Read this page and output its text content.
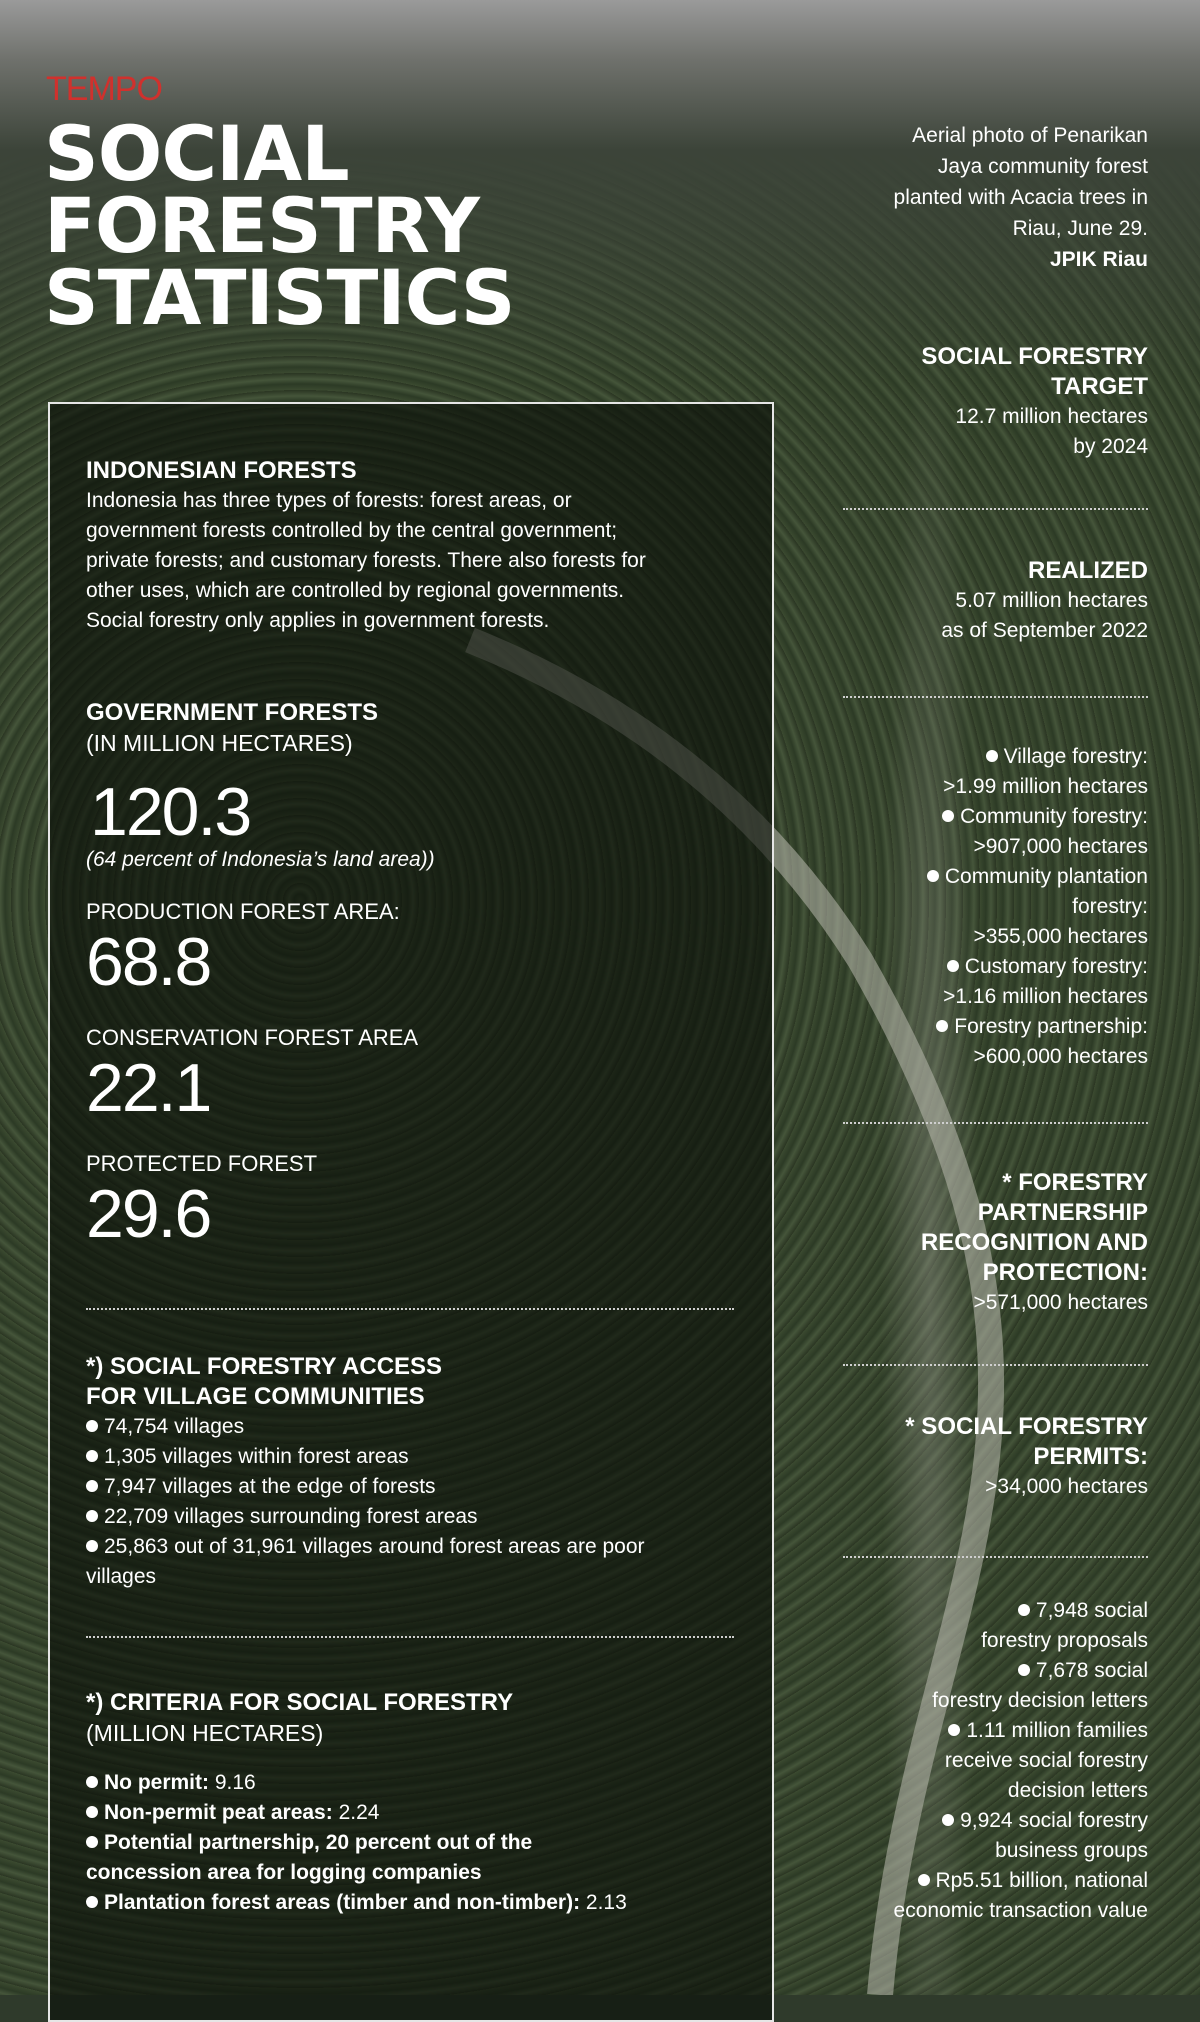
TEMPO
SOCIAL
FORESTRY
STATISTICS
Aerial photo of Penarikan
Jaya community forest
planted with Acacia trees in
Riau, June 29.
JPIK Riau
INDONESIAN FORESTS
Indonesia has three types of forests: forest areas, or
government forests controlled by the central government;
private forests; and customary forests. There also forests for
other uses, which are controlled by regional governments.
Social forestry only applies in government forests.
GOVERNMENT FORESTS
(IN MILLION HECTARES)
120.3
(64 percent of Indonesia’s land area))
PRODUCTION FOREST AREA:
68.8
CONSERVATION FOREST AREA
22.1
PROTECTED FOREST
29.6
*) SOCIAL FORESTRY ACCESS
FOR VILLAGE COMMUNITIES
74,754 villages
1,305 villages within forest areas
7,947 villages at the edge of forests
22,709 villages surrounding forest areas
25,863 out of 31,961 villages around forest areas are poor
villages
*) CRITERIA FOR SOCIAL FORESTRY
(MILLION HECTARES)
No permit: 9.16
Non-permit peat areas: 2.24
Potential partnership, 20 percent out of the
concession area for logging companies
Plantation forest areas (timber and non-timber): 2.13
SOCIAL FORESTRY
TARGET
12.7 million hectares
by 2024
REALIZED
5.07 million hectares
as of September 2022
Village forestry:
>1.99 million hectares
Community forestry:
>907,000 hectares
Community plantation
forestry:
>355,000 hectares
Customary forestry:
>1.16 million hectares
Forestry partnership:
>600,000 hectares
* FORESTRY
PARTNERSHIP
RECOGNITION AND
PROTECTION:
>571,000 hectares
* SOCIAL FORESTRY
PERMITS:
>34,000 hectares
7,948 social
forestry proposals
7,678 social
forestry decision letters
1.11 million families
receive social forestry
decision letters
9,924 social forestry
business groups
Rp5.51 billion, national
economic transaction value
